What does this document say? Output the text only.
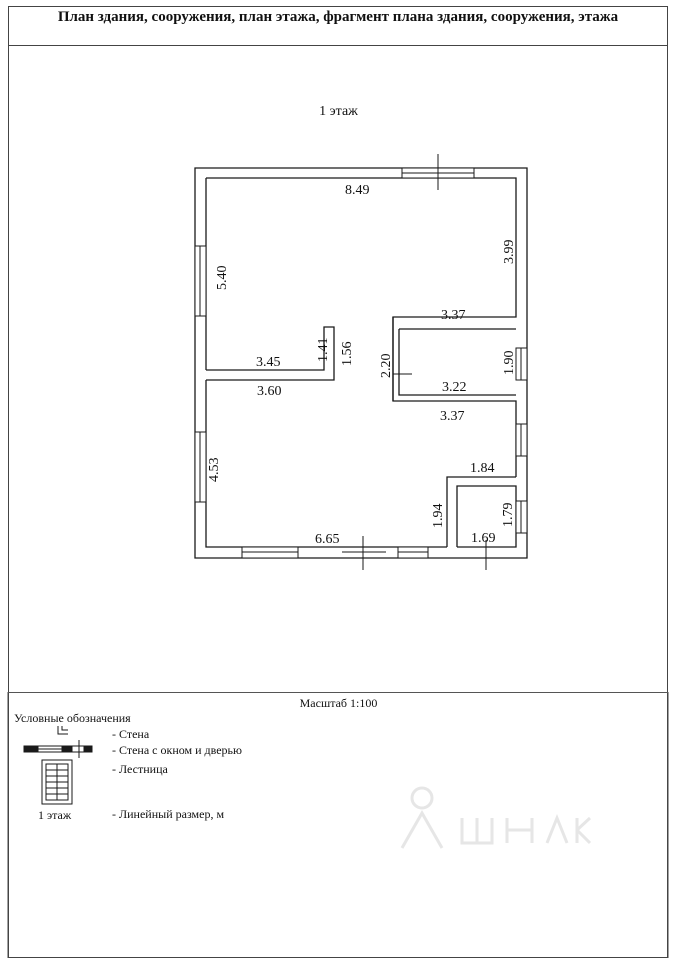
План здания, сооружения, план этажа, фрагмент плана здания, сооружения, этажа
1 этаж
8.49
3.99
5.40
3.45
1.41 1.56
3.60
3.37
2.20	1.90
3.22
3.37
4.53	1.84
1.94	1.79
1.69
6.65
Масштаб 1:100
Условные обозначения
- Стена
- Стена с окном и дверью
- Лестница
1 этаж	- Линейный размер, м
